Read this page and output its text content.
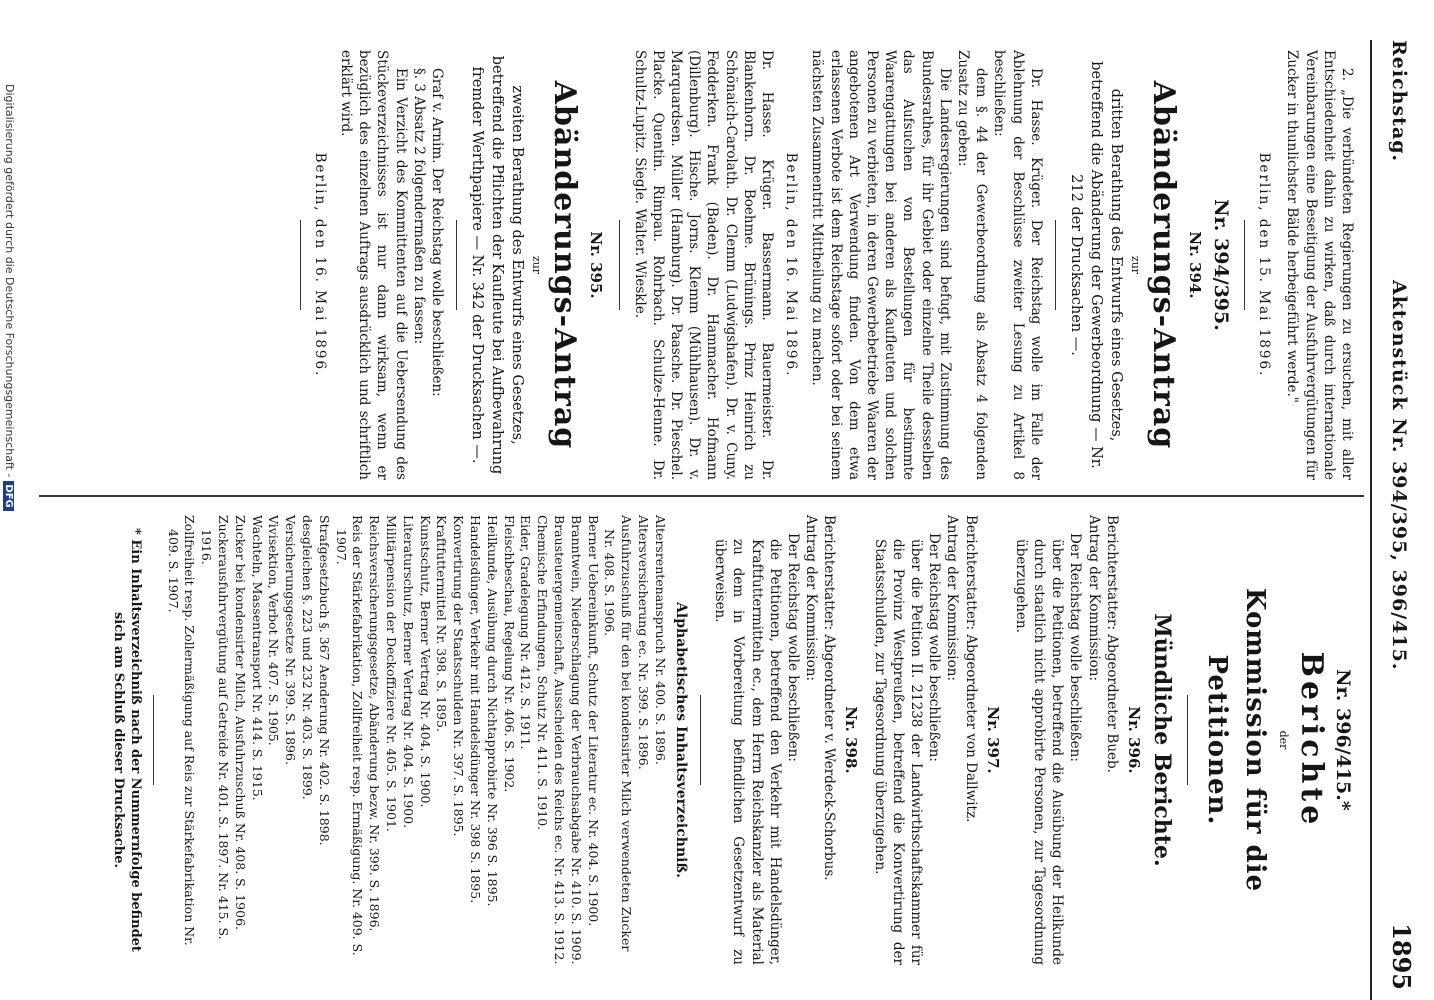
Reichstag.
Aktenstück Nr. 394/395, 396/415.
1895

2. „Die verbündeten Regierungen zu ersuchen, mit aller Entschiedenheit dahin zu wirken, daß durch internationale Vereinbarungen eine Beseitigung der Ausfuhrvergütungen für Zucker in thunlichster Bälde herbeigeführt werde."

Berlin, den 15. Mai 1896.

Nr. 394/395.

Nr. 394.

Abänderungs-Antrag

zur

dritten Berathung des Entwurfs eines Gesetzes, betreffend die Abänderung der Gewerbeordnung — Nr. 212 der Drucksachen —.

Dr. Hasse. Krüger. Der Reichstag wolle im Falle der Ablehnung der Beschlüsse zweiter Lesung zu Artikel 8 beschließen:

dem §. 44 der Gewerbeordnung als Absatz 4 folgenden Zusatz zu geben:

Die Landesregierungen sind befugt, mit Zustimmung des Bundesrathes, für ihr Gebiet oder einzelne Theile desselben das Aufsuchen von Bestellungen für bestimmte Waarengattungen bei anderen als Kaufleuten und solchen Personen zu verbieten, in deren Gewerbebetriebe Waaren der angebotenen Art Verwendung finden. Von dem etwa erlassenen Verbote ist dem Reichstage sofort oder bei seinem nächsten Zusammentritt Mittheilung zu machen.

Berlin, den 16. Mai 1896.

Dr. Hasse. Krüger. Bassermann. Bauermeister. Dr. Blankenhorn. Dr. Boehme. Brünings. Prinz Heinrich zu Schönaich-Carolath. Dr. Clemm (Ludwigshafen). Dr. v. Cuny. Fedderken. Frank (Baden). Dr. Hammacher. Hofmann (Dillenburg). Hische. Jorns. Klemm (Mühlhausen). Dr. v. Marquardsen. Müller (Hamburg). Dr. Paasche. Dr. Pieschel. Placke. Quentin. Rimpau. Rohrbach. Schulze-Henne. Dr. Schultz-Lupitz. Siegle. Walter. Wieskle.

Nr. 395.

Abänderungs-Antrag

zur

zweiten Berathung des Entwurfs eines Gesetzes, betreffend die Pflichten der Kaufleute bei Aufbewahrung fremder Werthpapiere — Nr. 342 der Drucksachen —.

Graf v. Arnim. Der Reichstag wolle beschließen:

§. 3 Absatz 2 folgendermaßen zu fassen:

Ein Verzicht des Kommittenten auf die Uebersendung des Stückeverzeichnisses ist nur dann wirksam, wenn er bezüglich des einzelnen Auftrags ausdrücklich und schriftlich erklärt wird.

Berlin, den 16. Mai 1896.

Nr. 396/415.*

Berichte

der

Kommission für die Petitionen.

Mündliche Berichte.

Nr. 396.

Berichterstatter: Abgeordneter Bueb.

Antrag der Kommission:

Der Reichstag wolle beschließen:

über die Petitionen, betreffend die Ausübung der Heilkunde durch staatlich nicht approbirte Personen, zur Tagesordnung überzugehen.

Nr. 397.

Berichterstatter: Abgeordneter von Dallwitz.

Antrag der Kommission:

Der Reichstag wolle beschließen:

über die Petition II. 21238 der Landwirthschaftskammer für die Provinz Westpreußen, betreffend die Konvertirung der Staatsschulden, zur Tagesordnung überzugehen.

Nr. 398.

Berichterstatter: Abgeordneter v. Werdeck-Schorbus.

Antrag der Kommission:

Der Reichstag wolle beschließen:

die Petitionen, betreffend den Verkehr mit Handelsdünger, Kraftfuttermitteln ec., dem Herrn Reichskanzler als Material zu dem in Vorbereitung befindlichen Gesetzentwurf zu überweisen.

Alphabetisches Inhaltsverzeichniß.

Altersrentenanspruch Nr. 400. S. 1896.

Altersversicherung ec. Nr. 399. S. 1896.

Ausfuhrzuschuß für den bei kondensirter Milch verwendeten Zucker Nr. 408. S. 1906.

Berner Uebereinkunft, Schutz der Literatur ec. Nr. 404. S. 1900.

Branntwein, Niederschlagung der Verbrauchsabgabe Nr. 410. S. 1909.

Brausteuergemeinschaft, Ausscheiden des Reichs ec. Nr. 413. S. 1912.

Chemische Erfindungen, Schutz Nr. 411. S. 1910.

Eider, Gradelegung Nr. 412. S. 1911.

Fleischbeschau, Regelung Nr. 406. S. 1902.

Heilkunde, Ausübung durch Nichtapprobirte Nr. 396 S. 1895.

Handelsdünger, Verkehr mit Handelsdünger Nr. 398 S. 1895.

Konvertirung der Staatsschulden Nr. 397. S. 1895.

Kraftfuttermittel Nr. 398. S. 1895.

Kunstschutz, Berner Vertrag Nr. 404. S. 1900.

Literaturschutz, Berner Vertrag Nr. 404. S. 1900.

Militärpension der Deckoffiziere Nr. 405. S. 1901.

Reichsversicherungsgesetze, Abänderung bezw. Nr. 399. S. 1896.

Reis der Stärkefabrikation, Zollfreiheit resp. Ermäßigung. Nr. 409. S. 1907.

Strafgesetzbuch §. 367 Aenderung Nr. 402. S. 1898.

desgleichen §. 223 und 232 Nr. 403. S. 1899.

Versicherungsgesetze Nr. 399. S. 1896.

Vivisektion, Verbot Nr. 407. S. 1905.

Wachteln, Massentransport Nr. 414. S. 1915.

Zucker bei kondensirter Milch, Ausfuhrzuschuß Nr. 408. S. 1906.

Zuckerausfuhrvergütung auf Getreide Nr. 401. S. 1897. Nr. 415. S. 1916.

Zollfreiheit resp. Zollermäßigung auf Reis zur Stärkefabrikation Nr. 409. S. 1907.

* Ein Inhaltsverzeichniß nach der Nummernfolge befindet sich am Schluß dieser Drucksache.

Digitalisierung gefördert durch die Deutsche Forschungsgemeinschaft -DFG
